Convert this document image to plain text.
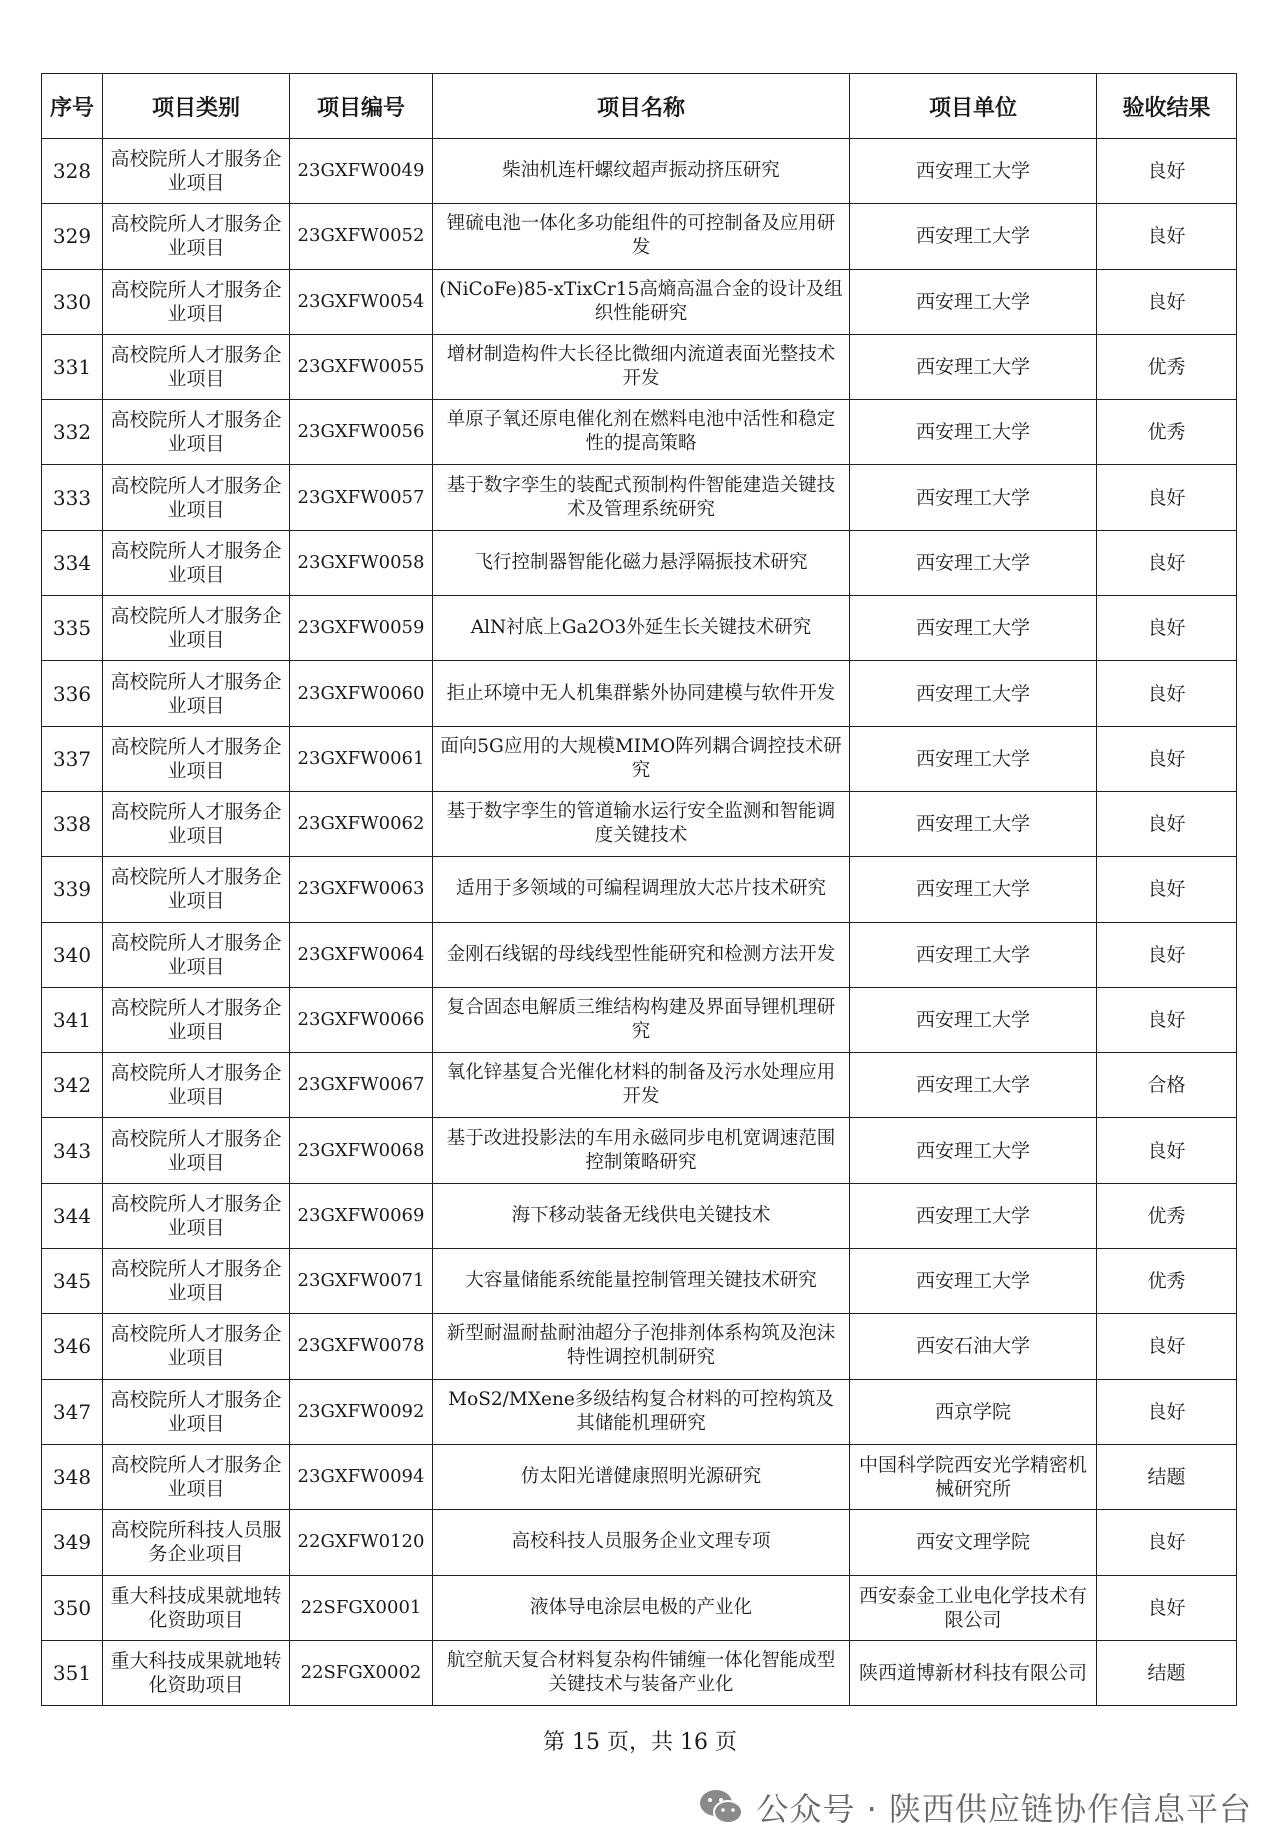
序号	项目类别	项目编号	项目名称	项目单位	验收结果
328	高校院所人才服务企业项目	23GXFW0049	柴油机连杆螺纹超声振动挤压研究	西安理工大学	良好
329	高校院所人才服务企业项目	23GXFW0052	锂硫电池一体化多功能组件的可控制备及应用研发	西安理工大学	良好
330	高校院所人才服务企业项目	23GXFW0054	(NiCoFe)85-xTixCr15高熵高温合金的设计及组织性能研究	西安理工大学	良好
331	高校院所人才服务企业项目	23GXFW0055	增材制造构件大长径比微细内流道表面光整技术开发	西安理工大学	优秀
332	高校院所人才服务企业项目	23GXFW0056	单原子氧还原电催化剂在燃料电池中活性和稳定性的提高策略	西安理工大学	优秀
333	高校院所人才服务企业项目	23GXFW0057	基于数字孪生的装配式预制构件智能建造关键技术及管理系统研究	西安理工大学	良好
334	高校院所人才服务企业项目	23GXFW0058	飞行控制器智能化磁力悬浮隔振技术研究	西安理工大学	良好
335	高校院所人才服务企业项目	23GXFW0059	AlN衬底上Ga2O3外延生长关键技术研究	西安理工大学	良好
336	高校院所人才服务企业项目	23GXFW0060	拒止环境中无人机集群紫外协同建模与软件开发	西安理工大学	良好
337	高校院所人才服务企业项目	23GXFW0061	面向5G应用的大规模MIMO阵列耦合调控技术研究	西安理工大学	良好
338	高校院所人才服务企业项目	23GXFW0062	基于数字孪生的管道输水运行安全监测和智能调度关键技术	西安理工大学	良好
339	高校院所人才服务企业项目	23GXFW0063	适用于多领域的可编程调理放大芯片技术研究	西安理工大学	良好
340	高校院所人才服务企业项目	23GXFW0064	金刚石线锯的母线线型性能研究和检测方法开发	西安理工大学	良好
341	高校院所人才服务企业项目	23GXFW0066	复合固态电解质三维结构构建及界面导锂机理研究	西安理工大学	良好
342	高校院所人才服务企业项目	23GXFW0067	氧化锌基复合光催化材料的制备及污水处理应用开发	西安理工大学	合格
343	高校院所人才服务企业项目	23GXFW0068	基于改进投影法的车用永磁同步电机宽调速范围控制策略研究	西安理工大学	良好
344	高校院所人才服务企业项目	23GXFW0069	海下移动装备无线供电关键技术	西安理工大学	优秀
345	高校院所人才服务企业项目	23GXFW0071	大容量储能系统能量控制管理关键技术研究	西安理工大学	优秀
346	高校院所人才服务企业项目	23GXFW0078	新型耐温耐盐耐油超分子泡排剂体系构筑及泡沫特性调控机制研究	西安石油大学	良好
347	高校院所人才服务企业项目	23GXFW0092	MoS2/MXene多级结构复合材料的可控构筑及其储能机理研究	西京学院	良好
348	高校院所人才服务企业项目	23GXFW0094	仿太阳光谱健康照明光源研究	中国科学院西安光学精密机械研究所	结题
349	高校院所科技人员服务企业项目	22GXFW0120	高校科技人员服务企业文理专项	西安文理学院	良好
350	重大科技成果就地转化资助项目	22SFGX0001	液体导电涂层电极的产业化	西安泰金工业电化学技术有限公司	良好
351	重大科技成果就地转化资助项目	22SFGX0002	航空航天复合材料复杂构件铺缠一体化智能成型关键技术与装备产业化	陕西道博新材科技有限公司	结题
第 15 页，共 16 页
公众号 · 陕西供应链协作信息平台
